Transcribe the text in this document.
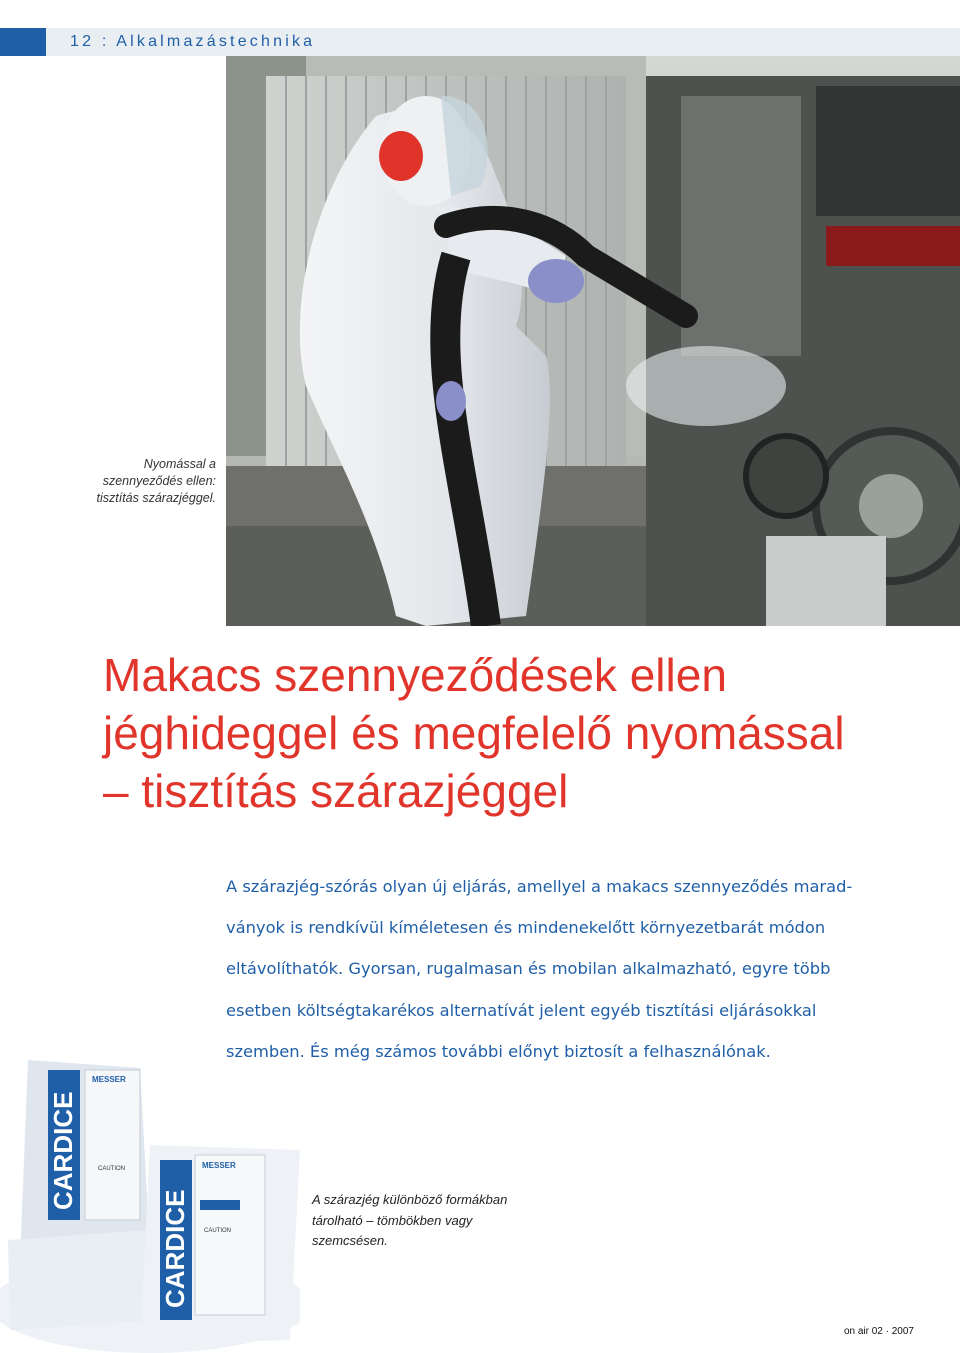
12 : Alkalmazástechnika
Nyomással a
szennyeződés ellen:
tisztítás szárazjéggel.
Makacs szennyeződések ellen
jéghideggel és megfelelő nyomással
– tisztítás szárazjéggel
A szárazjég-szórás olyan új eljárás, amellyel a makacs szennyeződés marad-
ványok is rendkívül kíméletesen és mindenekelőtt környezetbarát módon
eltávolíthatók. Gyorsan, rugalmasan és mobilan alkalmazható, egyre több
esetben költségtakarékos alternatívát jelent egyéb tisztítási eljárásokkal
szemben. És még számos további előnyt biztosít a felhasználónak.
CARDICE
MESSER
CARDICE
MESSER
CAUTION
CAUTION
A szárazjég különböző formákban
tárolható – tömbökben vagy
szemcsésen.
on air 02 · 2007
